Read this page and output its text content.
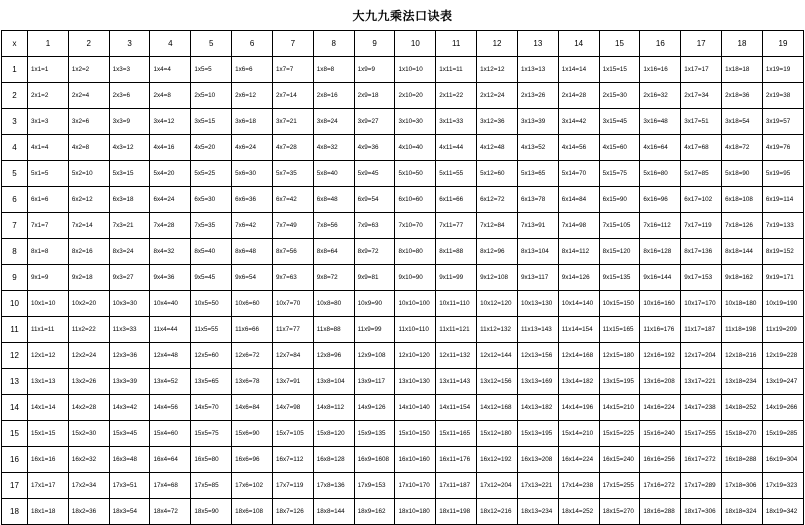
大九九乘法口诀表
x	1	2	3	4	5	6	7	8	9	10	11	12	13	14	15	16	17	18	19
1	1x1=1	1x2=2	1x3=3	1x4=4	1x5=5	1x6=6	1x7=7	1x8=8	1x9=9	1x10=10	1x11=11	1x12=12	1x13=13	1x14=14	1x15=15	1x16=16	1x17=17	1x18=18	1x19=19
2	2x1=2	2x2=4	2x3=6	2x4=8	2x5=10	2x6=12	2x7=14	2x8=16	2x9=18	2x10=20	2x11=22	2x12=24	2x13=26	2x14=28	2x15=30	2x16=32	2x17=34	2x18=36	2x19=38
3	3x1=3	3x2=6	3x3=9	3x4=12	3x5=15	3x6=18	3x7=21	3x8=24	3x9=27	3x10=30	3x11=33	3x12=36	3x13=39	3x14=42	3x15=45	3x16=48	3x17=51	3x18=54	3x19=57
4	4x1=4	4x2=8	4x3=12	4x4=16	4x5=20	4x6=24	4x7=28	4x8=32	4x9=36	4x10=40	4x11=44	4x12=48	4x13=52	4x14=56	4x15=60	4x16=64	4x17=68	4x18=72	4x19=76
5	5x1=5	5x2=10	5x3=15	5x4=20	5x5=25	5x6=30	5x7=35	5x8=40	5x9=45	5x10=50	5x11=55	5x12=60	5x13=65	5x14=70	5x15=75	5x16=80	5x17=85	5x18=90	5x19=95
6	6x1=6	6x2=12	6x3=18	6x4=24	6x5=30	6x6=36	6x7=42	6x8=48	6x9=54	6x10=60	6x11=66	6x12=72	6x13=78	6x14=84	6x15=90	6x16=96	6x17=102	6x18=108	6x19=114
7	7x1=7	7x2=14	7x3=21	7x4=28	7x5=35	7x6=42	7x7=49	7x8=56	7x9=63	7x10=70	7x11=77	7x12=84	7x13=91	7x14=98	7x15=105	7x16=112	7x17=119	7x18=126	7x19=133
8	8x1=8	8x2=16	8x3=24	8x4=32	8x5=40	8x6=48	8x7=56	8x8=64	8x9=72	8x10=80	8x11=88	8x12=96	8x13=104	8x14=112	8x15=120	8x16=128	8x17=136	8x18=144	8x19=152
9	9x1=9	9x2=18	9x3=27	9x4=36	9x5=45	9x6=54	9x7=63	9x8=72	9x9=81	9x10=90	9x11=99	9x12=108	9x13=117	9x14=126	9x15=135	9x16=144	9x17=153	9x18=162	9x19=171
10	10x1=10	10x2=20	10x3=30	10x4=40	10x5=50	10x6=60	10x7=70	10x8=80	10x9=90	10x10=100	10x11=110	10x12=120	10x13=130	10x14=140	10x15=150	10x16=160	10x17=170	10x18=180	10x19=190
11	11x1=11	11x2=22	11x3=33	11x4=44	11x5=55	11x6=66	11x7=77	11x8=88	11x9=99	11x10=110	11x11=121	11x12=132	11x13=143	11x14=154	11x15=165	11x16=176	11x17=187	11x18=198	11x19=209
12	12x1=12	12x2=24	12x3=36	12x4=48	12x5=60	12x6=72	12x7=84	12x8=96	12x9=108	12x10=120	12x11=132	12x12=144	12x13=156	12x14=168	12x15=180	12x16=192	12x17=204	12x18=216	12x19=228
13	13x1=13	13x2=26	13x3=39	13x4=52	13x5=65	13x6=78	13x7=91	13x8=104	13x9=117	13x10=130	13x11=143	13x12=156	13x13=169	13x14=182	13x15=195	13x16=208	13x17=221	13x18=234	13x19=247
14	14x1=14	14x2=28	14x3=42	14x4=56	14x5=70	14x6=84	14x7=98	14x8=112	14x9=126	14x10=140	14x11=154	14x12=168	14x13=182	14x14=196	14x15=210	14x16=224	14x17=238	14x18=252	14x19=266
15	15x1=15	15x2=30	15x3=45	15x4=60	15x5=75	15x6=90	15x7=105	15x8=120	15x9=135	15x10=150	15x11=165	15x12=180	15x13=195	15x14=210	15x15=225	15x16=240	15x17=255	15x18=270	15x19=285
16	16x1=16	16x2=32	16x3=48	16x4=64	16x5=80	16x6=96	16x7=112	16x8=128	16x9=1608	16x10=160	16x11=176	16x12=192	16x13=208	16x14=224	16x15=240	16x16=256	16x17=272	16x18=288	16x19=304
17	17x1=17	17x2=34	17x3=51	17x4=68	17x5=85	17x6=102	17x7=119	17x8=136	17x9=153	17x10=170	17x11=187	17x12=204	17x13=221	17x14=238	17x15=255	17x16=272	17x17=289	17x18=306	17x19=323
18	18x1=18	18x2=36	18x3=54	18x4=72	18x5=90	18x6=108	18x7=126	18x8=144	18x9=162	18x10=180	18x11=198	18x12=216	18x13=234	18x14=252	18x15=270	18x16=288	18x17=306	18x18=324	18x19=342
